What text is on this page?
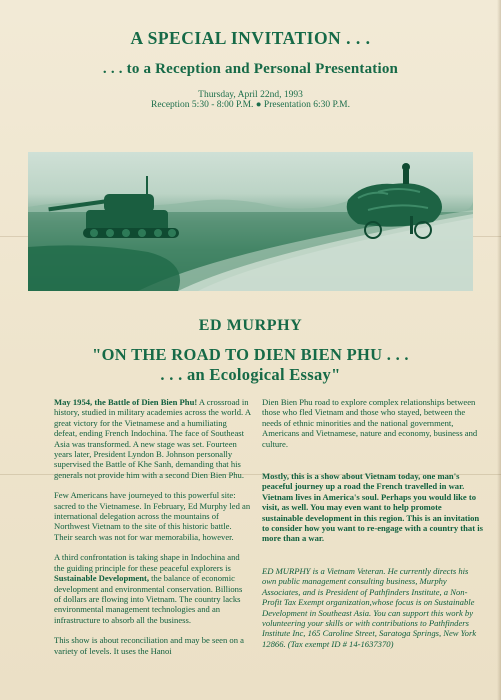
A SPECIAL INVITATION . . .
. . . to a Reception and Personal Presentation
Thursday, April 22nd, 1993
Reception 5:30 - 8:00 P.M. ● Presentation 6:30 P.M.
ED MURPHY
"ON THE ROAD TO DIEN BIEN PHU . . .
. . . an Ecological Essay"

May 1954, the Battle of Dien Bien Phu! A crossroad in history, studied in military academies across the world. A great victory for the Vietnamese and a humiliating defeat, ending French Indochina. The face of Southeast Asia was transformed. A new stage was set. Fourteen years later, President Lyndon B. Johnson personally supervised the Battle of Khe Sanh, demanding that his generals not provide him with a second Dien Bien Phu.

Few Americans have journeyed to this powerful site: sacred to the Vietnamese. In February, Ed Murphy led an international delegation across the mountains of Northwest Vietnam to the site of this historic battle. Their search was not for war memorabilia, however.

A third confrontation is taking shape in Indochina and the guiding principle for these peaceful explorers is Sustainable Development, the balance of economic development and environmental conservation. Billions of dollars are flowing into Vietnam. The country lacks environmental management technologies and an infrastructure to absorb all the business.

This show is about reconciliation and may be seen on a variety of levels. It uses the Hanoi

Dien Bien Phu road to explore complex relationships between those who fled Vietnam and those who stayed, between the needs of ethnic minorities and the national government, Americans and Vietnamese, nature and economy, business and culture.

Mostly, this is a show about Vietnam today, one man's peaceful journey up a road the French travelled in war. Vietnam lives in America's soul. Perhaps you would like to visit, as well. You may even want to help promote sustainable development in this region. This is an invitation to consider how you want to re-engage with a country that is more than a war.

ED MURPHY is a Vietnam Veteran. He currently directs his own public management consulting business, Murphy Associates, and is President of Pathfinders Institute, a Non-Profit Tax Exempt organization,whose focus is on Sustainable Development in Southeast Asia. You can support this work by volunteering your skills or with contributions to Pathfinders Institute Inc, 165 Caroline Street, Saratoga Springs, New York 12866. (Tax exempt ID # 14-1637370)
